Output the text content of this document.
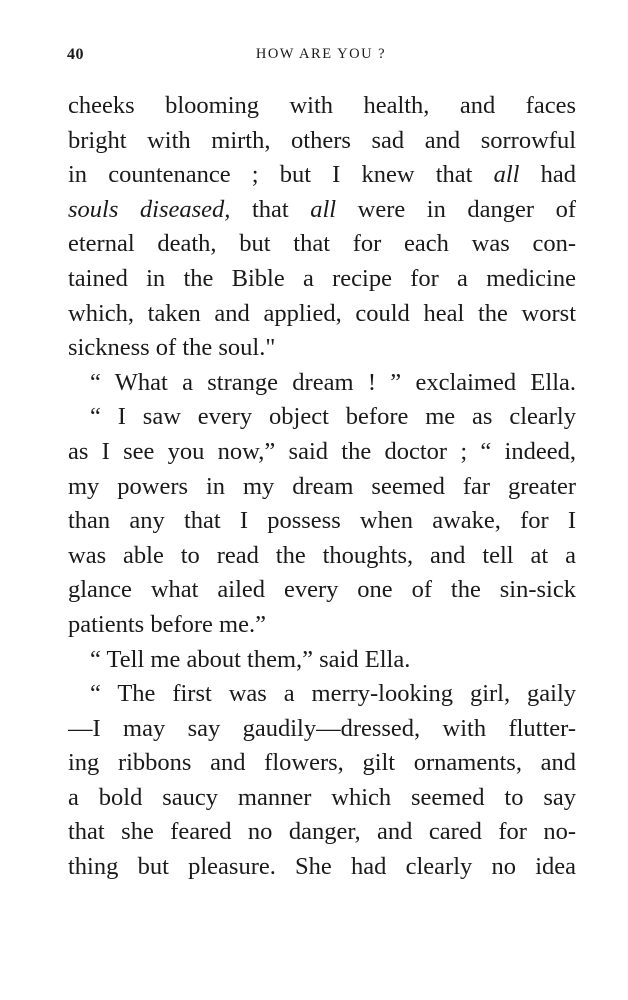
40	HOW ARE YOU ?
cheeks blooming with health, and faces
bright with mirth, others sad and sorrowful
in countenance ; but I knew that all had
souls diseased, that all were in danger of
eternal death, but that for each was con-
tained in the Bible a recipe for a medicine
which, taken and applied, could heal the worst
sickness of the soul."
“ What a strange dream ! ” exclaimed Ella.
“ I saw every object before me as clearly
as I see you now,” said the doctor ; “ indeed,
my powers in my dream seemed far greater
than any that I possess when awake, for I
was able to read the thoughts, and tell at a
glance what ailed every one of the sin-sick
patients before me.”
“ Tell me about them,” said Ella.
“ The first was a merry-looking girl, gaily
—I may say gaudily—dressed, with flutter-
ing ribbons and flowers, gilt ornaments, and
a bold saucy manner which seemed to say
that she feared no danger, and cared for no-
thing but pleasure. She had clearly no idea
